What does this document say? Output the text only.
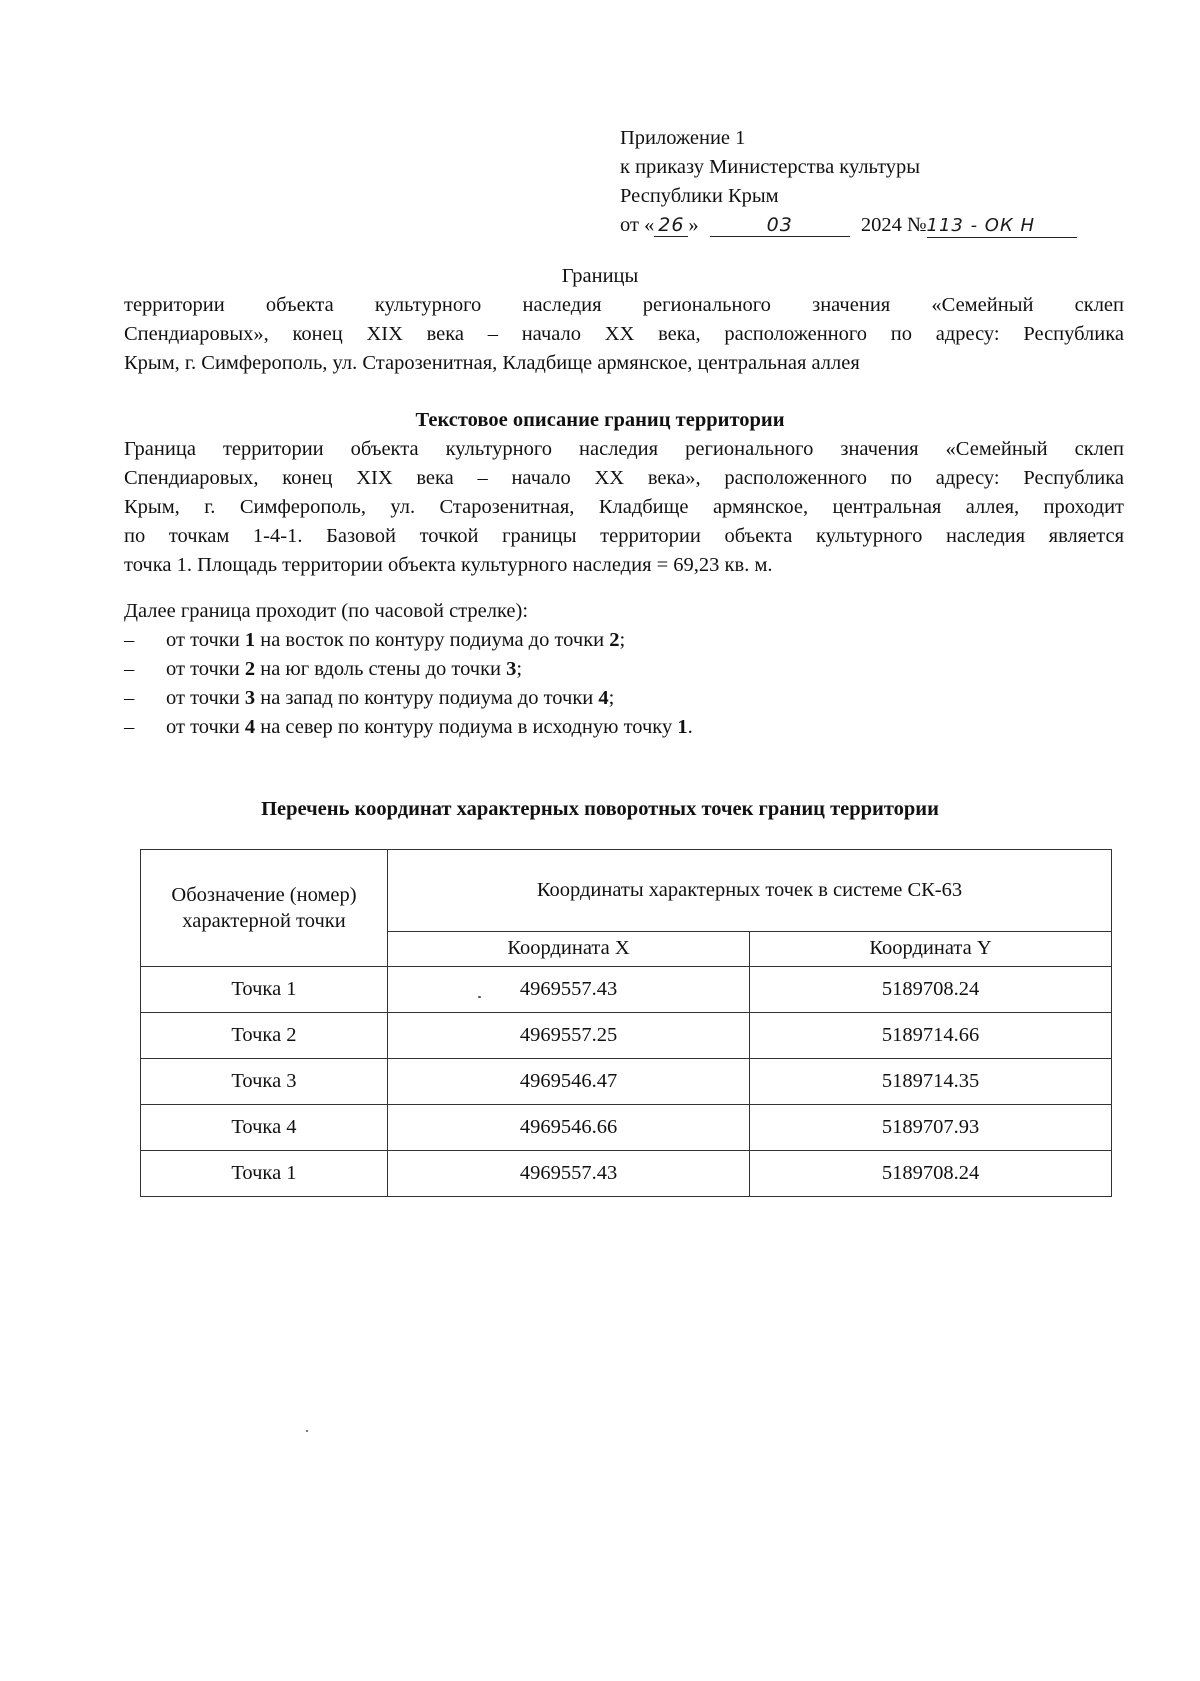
Приложение 1
к приказу Министерства культуры
Республики Крым
от « 26 »	03	2024 №113 - ОК Н
Границы
территории объекта культурного наследия регионального значения «Семейный склеп
Спендиаровых», конец XIX века – начало XX века, расположенного по адресу: Республика
Крым, г. Симферополь, ул. Старозенитная, Кладбище армянское, центральная аллея
Текстовое описание границ территории
Граница территории объекта культурного наследия регионального значения «Семейный склеп
Спендиаровых, конец XIX века – начало XX века», расположенного по адресу: Республика
Крым, г. Симферополь, ул. Старозенитная, Кладбище армянское, центральная аллея, проходит
по точкам 1-4-1. Базовой точкой границы территории объекта культурного наследия является
точка 1. Площадь территории объекта культурного наследия = 69,23 кв. м.
Далее граница проходит (по часовой стрелке):
– от точки 1 на восток по контуру подиума до точки 2;
– от точки 2 на юг вдоль стены до точки 3;
– от точки 3 на запад по контуру подиума до точки 4;
– от точки 4 на север по контуру подиума в исходную точку 1.
Перечень координат характерных поворотных точек границ территории
Обозначение (номер)
характерной точки	Координаты характерных точек в системе СК-63	
	Координата X	Координата Y
Точка 1	4969557.43	5189708.24
Точка 2	4969557.25	5189714.66
Точка 3	4969546.47	5189714.35
Точка 4	4969546.66	5189707.93
Точка 1	4969557.43	5189708.24
